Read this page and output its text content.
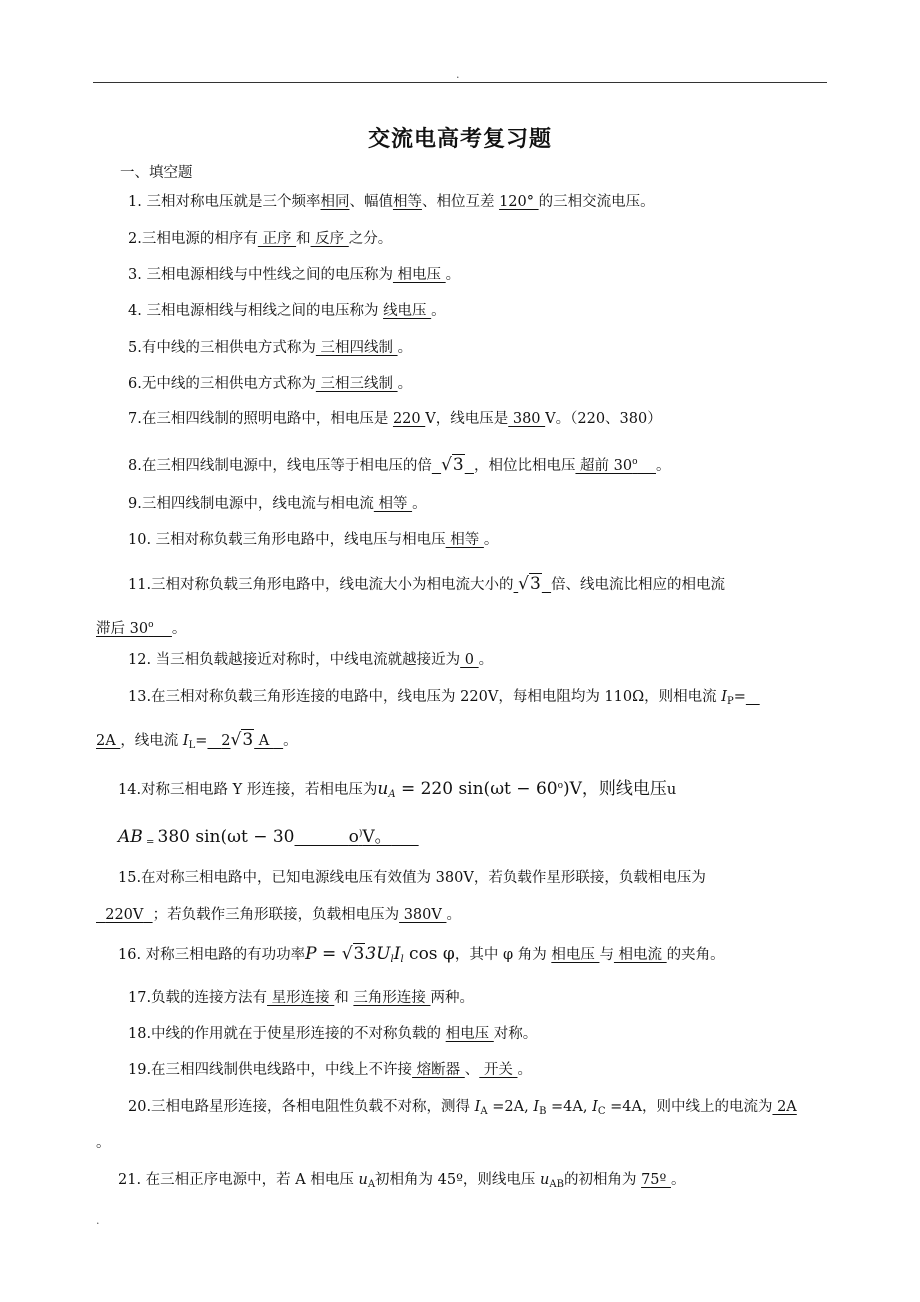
.
交流电高考复习题
一、填空题
1. 三相对称电压就是三个频率相同、幅值相等、相位互差 120° 的三相交流电压。
2.三相电源的相序有 正序 和 反序 之分。
3. 三相电源相线与中性线之间的电压称为 相电压 。
4. 三相电源相线与相线之间的电压称为 线电压 。
5.有中线的三相供电方式称为 三相四线制 。
6.无中线的三相供电方式称为 三相三线制 。
7.在三相四线制的照明电路中，相电压是 220 V，线电压是 380 V。（220、380）
8.在三相四线制电源中，线电压等于相电压的倍 √3 ，相位比相电压 超前 30$^o$ 。
9.三相四线制电源中，线电流与相电流 相等 。
10. 三相对称负载三角形电路中，线电压与相电压 相等 。
11.三相对称负载三角形电路中，线电流大小为相电流大小的 √3 倍、线电流比相应的相电流
滞后 30$^o$ 。
12. 当三相负载越接近对称时，中线电流就越接近为 0 。
13.在三相对称负载三角形连接的电路中，线电压为 220V，每相电阻均为 110Ω，则相电流 $I_P=$
2A ，线电流 $I_L= 2√3$ A   。
14.对称三相电路 Y 形连接，若相电压为$u_A = 220$ $\sin(\omega t - 60^o)V$，则线电压u
AB $_=$ 380 sin(ωt − 30	o)V。
15.在对称三相电路中，已知电源线电压有效值为 380V，若负载作星形联接，负载相电压为
220V ；若负载作三角形联接，负载相电压为 380V 。
16. 对称三相电路的有功功率$P = √33U_lI_l$ cos φ，其中 φ 角为 相电压 与 相电流 的夹角。
17.负载的连接方法有 星形连接 和 三角形连接 两种。
18.中线的作用就在于使星形连接的不对称负载的 相电压 对称。
19.在三相四线制供电线路中，中线上不许接 熔断器 、 开关 。
20.三相电路星形连接，各相电阻性负载不对称，测得 $I_A =2A$, $I_B =4A$, $I_C =4A$，则中线上的电流为 2A
。
21. 在三相正序电源中，若 A 相电压 $u_A$初相角为 45º，则线电压 $u_{AB}$的初相角为 75º 。
.
